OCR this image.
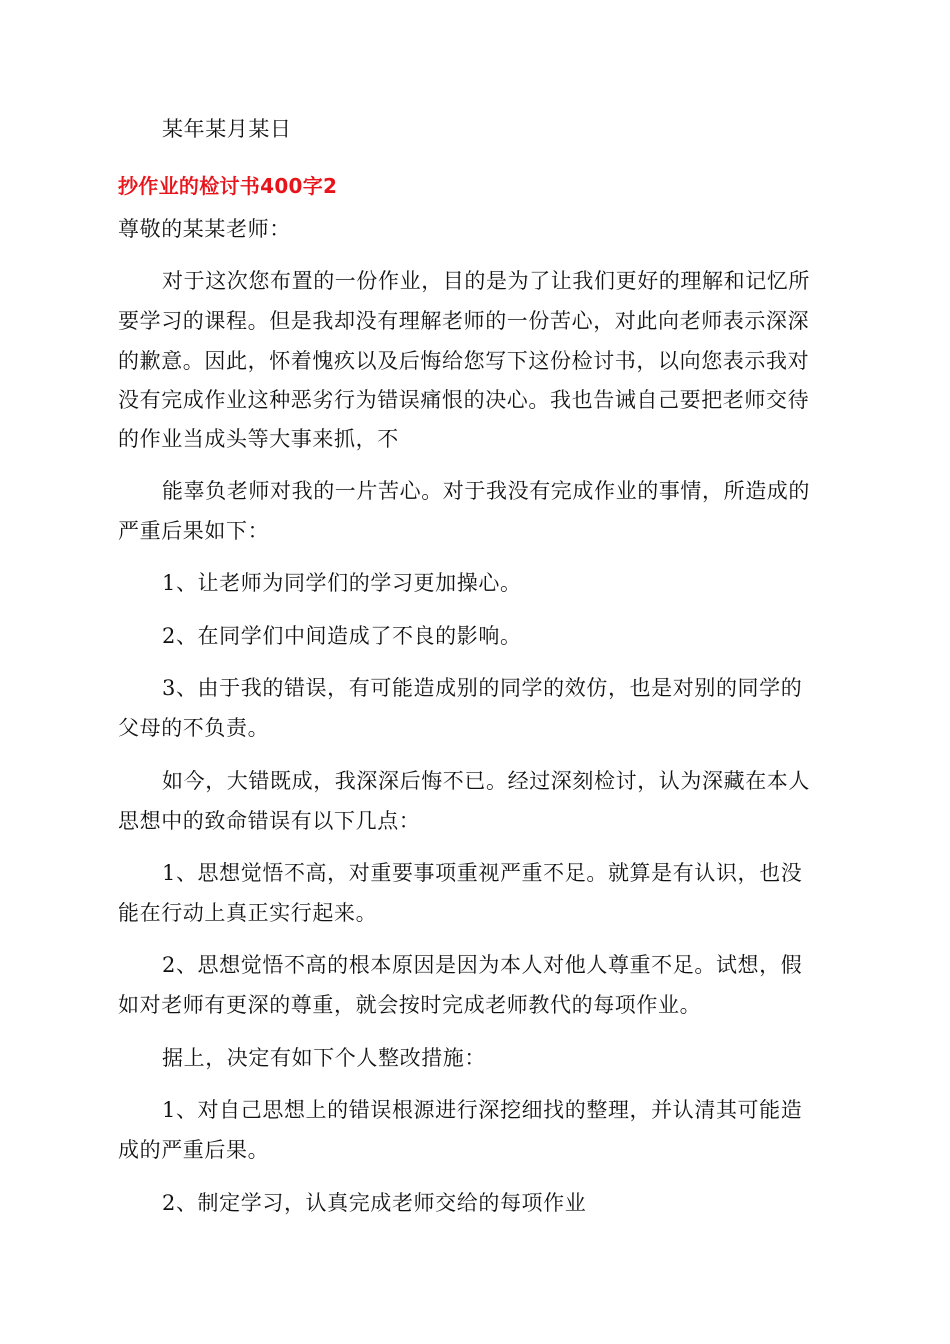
某年某月某日
抄作业的检讨书400字2
尊敬的某某老师：
对于这次您布置的一份作业，目的是为了让我们更好的理解和记忆所
要学习的课程。但是我却没有理解老师的一份苦心，对此向老师表示深深
的歉意。因此，怀着愧疚以及后悔给您写下这份检讨书，以向您表示我对
没有完成作业这种恶劣行为错误痛恨的决心。我也告诫自己要把老师交待
的作业当成头等大事来抓，不
能辜负老师对我的一片苦心。对于我没有完成作业的事情，所造成的
严重后果如下：
1、让老师为同学们的学习更加操心。
2、在同学们中间造成了不良的影响。
3、由于我的错误，有可能造成别的同学的效仿，也是对别的同学的
父母的不负责。
如今，大错既成，我深深后悔不已。经过深刻检讨，认为深藏在本人
思想中的致命错误有以下几点：
1、思想觉悟不高，对重要事项重视严重不足。就算是有认识，也没
能在行动上真正实行起来。
2、思想觉悟不高的根本原因是因为本人对他人尊重不足。试想，假
如对老师有更深的尊重，就会按时完成老师教代的每项作业。
据上，决定有如下个人整改措施：
1、对自己思想上的错误根源进行深挖细找的整理，并认清其可能造
成的严重后果。
2、制定学习，认真完成老师交给的每项作业
